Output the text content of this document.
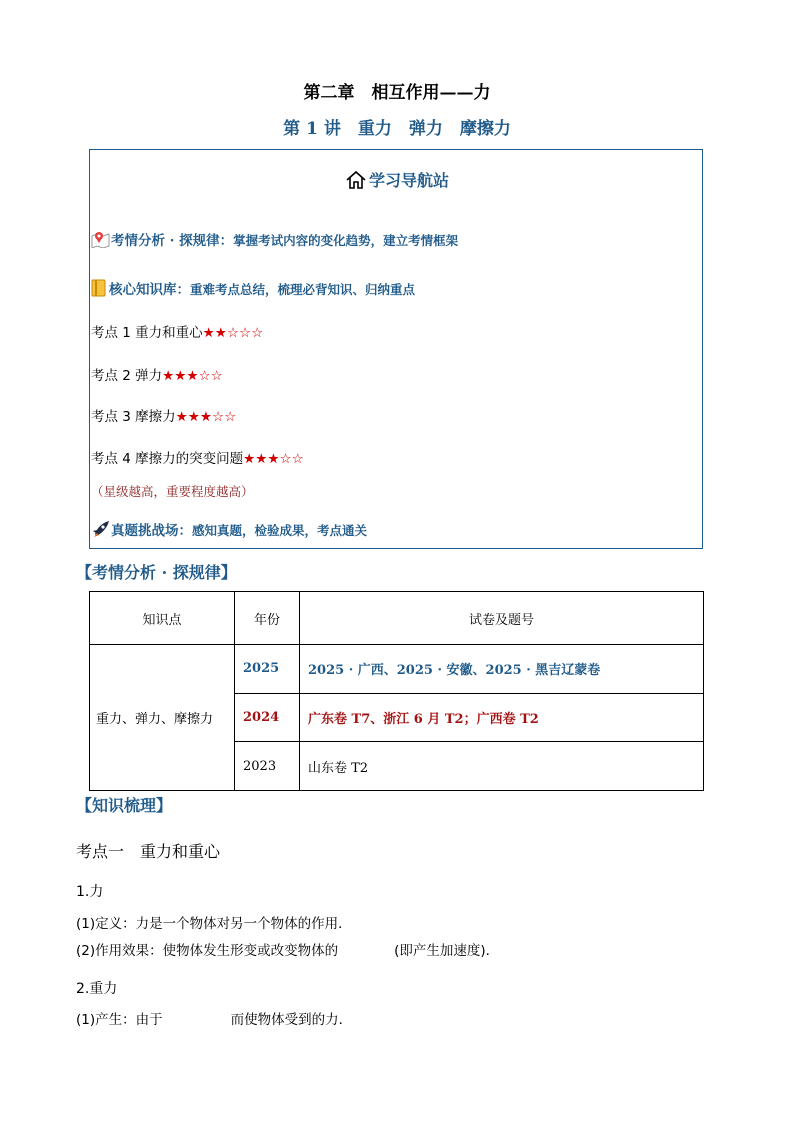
第二章　相互作用——力
第 1 讲　重力　弹力　摩擦力
学习导航站
考情分析 · 探规律：掌握考试内容的变化趋势，建立考情框架
核心知识库：重难考点总结，梳理必背知识、归纳重点
考点 1 重力和重心★★☆☆☆
考点 2 弹力★★★☆☆
考点 3 摩擦力★★★☆☆
考点 4 摩擦力的突变问题★★★☆☆
（星级越高，重要程度越高）
真题挑战场：感知真题，检验成果，考点通关
【考情分析 · 探规律】
知识点	年份	试卷及题号
重力、弹力、摩擦力	2025	2025 · 广西、2025 · 安徽、2025 · 黑吉辽蒙卷
	2024	广东卷 T7、浙江 6 月 T2；广西卷 T2
	2023	山东卷 T2
【知识梳理】
考点一　重力和重心
1.力
(1)定义：力是一个物体对另一个物体的作用．
(2)作用效果：使物体发生形变或改变物体的	(即产生加速度)．
2.重力
(1)产生：由于	而使物体受到的力．
